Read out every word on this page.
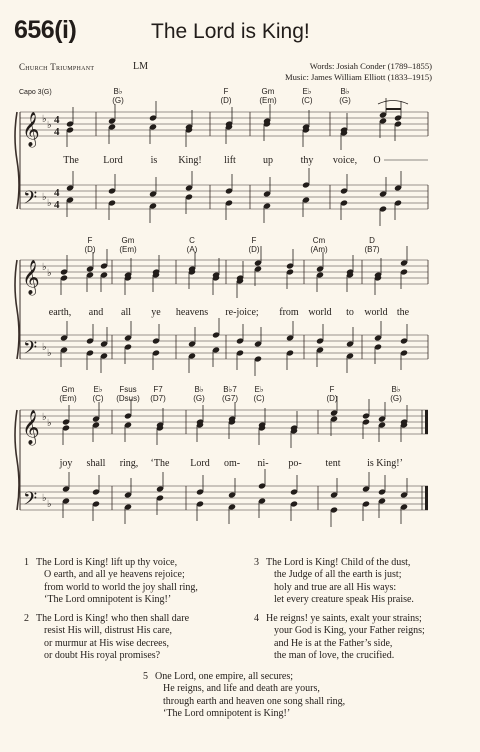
656(i)	The Lord is King!
Church Triumphant	LM	Words: Josiah Conder (1789–1855)
Music: James William Elliott (1833–1915)
Capo 3(G)
𝄞
𝄢
♭
♭
♭
♭
4
4
4
4
B♭
(G)
F
(D)
Gm
(Em)
E♭
(C)
B♭
(G)
The Lord	is King! lift	up	thy voice, O
𝄞
𝄢
♭
♭
♭
♭
F
(D)
Gm
(Em)
C
(A)
F
(D)
Cm
(Am)
D
(B7)
earth, and all ye heavens re-joice; from world to world the
𝄞
𝄢
♭
♭
♭
♭
Gm
(Em)
E♭
(C)
Fsus
(Dsus)
F7
(D7)
B♭
(G)
B♭7
(G7)
E♭
(C)
F
(D)
B♭
(G)
joy shall ring, ‘The Lord om- ni- po- tent	is King!’
1 The Lord is King! lift up thy voice,
O earth, and all ye heavens rejoice;
from world to world the joy shall ring,
‘The Lord omnipotent is King!’
2 The Lord is King! who then shall dare
resist His will, distrust His care,
or murmur at His wise decrees,
or doubt His royal promises?
3 The Lord is King! Child of the dust,
the Judge of all the earth is just;
holy and true are all His ways:
let every creature speak His praise.
4 He reigns! ye saints, exalt your strains;
your God is King, your Father reigns;
and He is at the Father’s side,
the man of love, the crucified.
5 One Lord, one empire, all secures;
He reigns, and life and death are yours,
through earth and heaven one song shall ring,
‘The Lord omnipotent is King!’
